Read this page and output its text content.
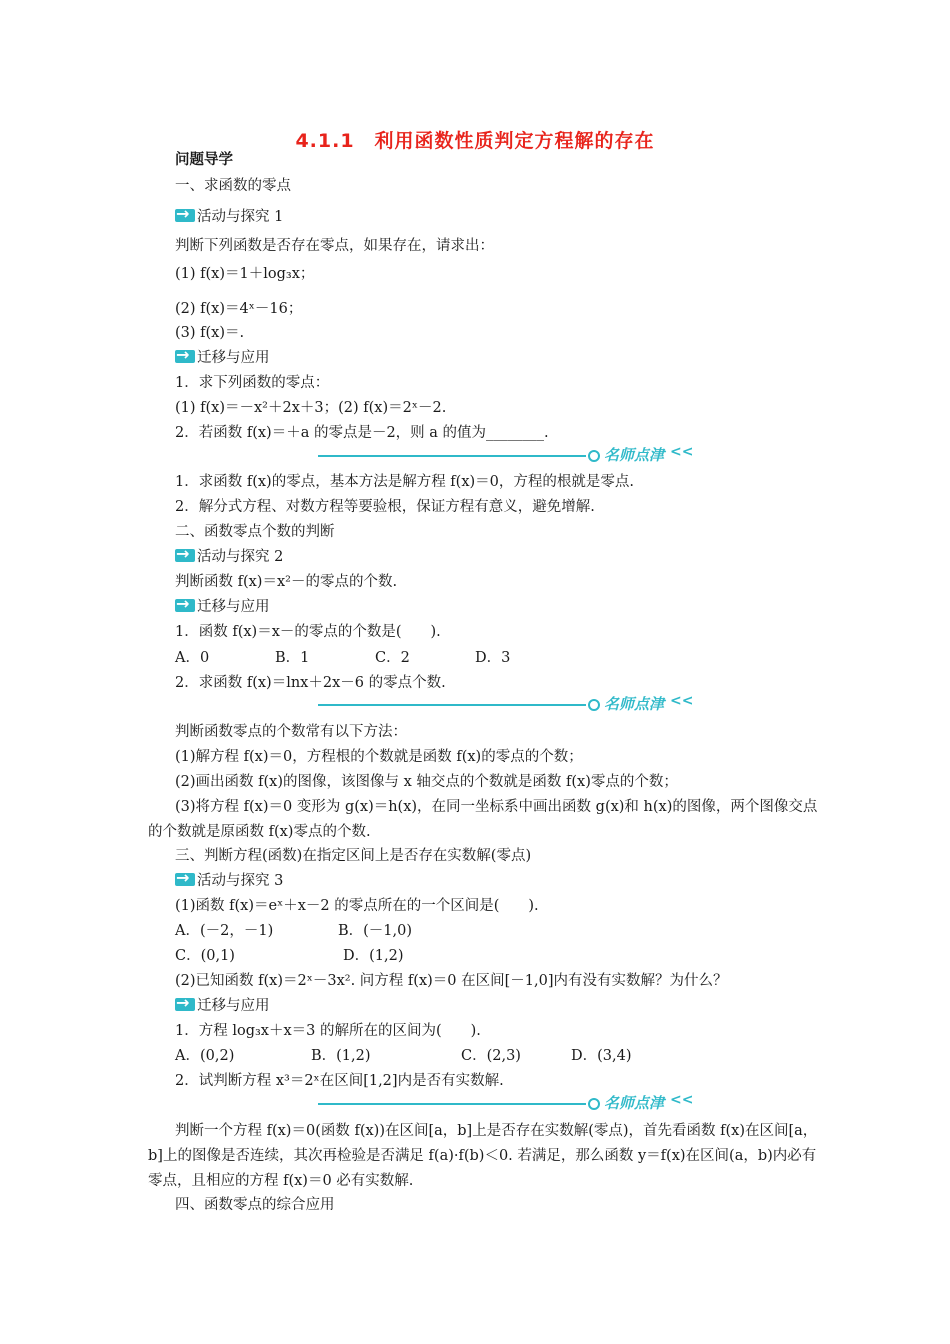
4.1.1　利用函数性质判定方程解的存在
问题导学
一、求函数的零点
→活动与探究 1
判断下列函数是否存在零点，如果存在，请求出：
(1) f(x)＝1＋log₃x；
(2) f(x)＝4ˣ－16；
(3) f(x)＝.
→迁移与应用
1．求下列函数的零点：
(1) f(x)＝－x²＋2x＋3；(2) f(x)＝2ˣ－2.
2．若函数 f(x)＝＋a 的零点是－2，则 a 的值为________.
名师点津 <<
1．求函数 f(x)的零点，基本方法是解方程 f(x)＝0，方程的根就是零点.
2．解分式方程、对数方程等要验根，保证方程有意义，避免增解.
二、函数零点个数的判断
→活动与探究 2
判断函数 f(x)＝x²－的零点的个数.
→迁移与应用
1．函数 f(x)＝x－的零点的个数是(　　).
A．0	B．1	C．2	D．3
2．求函数 f(x)＝lnx＋2x－6 的零点个数.
名师点津 <<
判断函数零点的个数常有以下方法：
(1)解方程 f(x)＝0，方程根的个数就是函数 f(x)的零点的个数；
(2)画出函数 f(x)的图像，该图像与 x 轴交点的个数就是函数 f(x)零点的个数；
(3)将方程 f(x)＝0 变形为 g(x)＝h(x)，在同一坐标系中画出函数 g(x)和 h(x)的图像，两个图像交点的个数就是原函数 f(x)零点的个数.
三、判断方程(函数)在指定区间上是否存在实数解(零点)
→活动与探究 3
(1)函数 f(x)＝eˣ＋x－2 的零点所在的一个区间是(　　).
A．(－2，－1)	B．(－1,0)
C．(0,1)	D．(1,2)
(2)已知函数 f(x)＝2ˣ－3x². 问方程 f(x)＝0 在区间[－1,0]内有没有实数解？为什么？
→迁移与应用
1．方程 log₃x＋x＝3 的解所在的区间为(　　).
A．(0,2)	B．(1,2)	C．(2,3)	D．(3,4)
2．试判断方程 x³＝2ˣ在区间[1,2]内是否有实数解.
名师点津 <<
判断一个方程 f(x)＝0(函数 f(x))在区间[a，b]上是否存在实数解(零点)，首先看函数 f(x)在区间[a，b]上的图像是否连续，其次再检验是否满足 f(a)·f(b)＜0. 若满足，那么函数 y＝f(x)在区间(a，b)内必有零点，且相应的方程 f(x)＝0 必有实数解.
四、函数零点的综合应用
